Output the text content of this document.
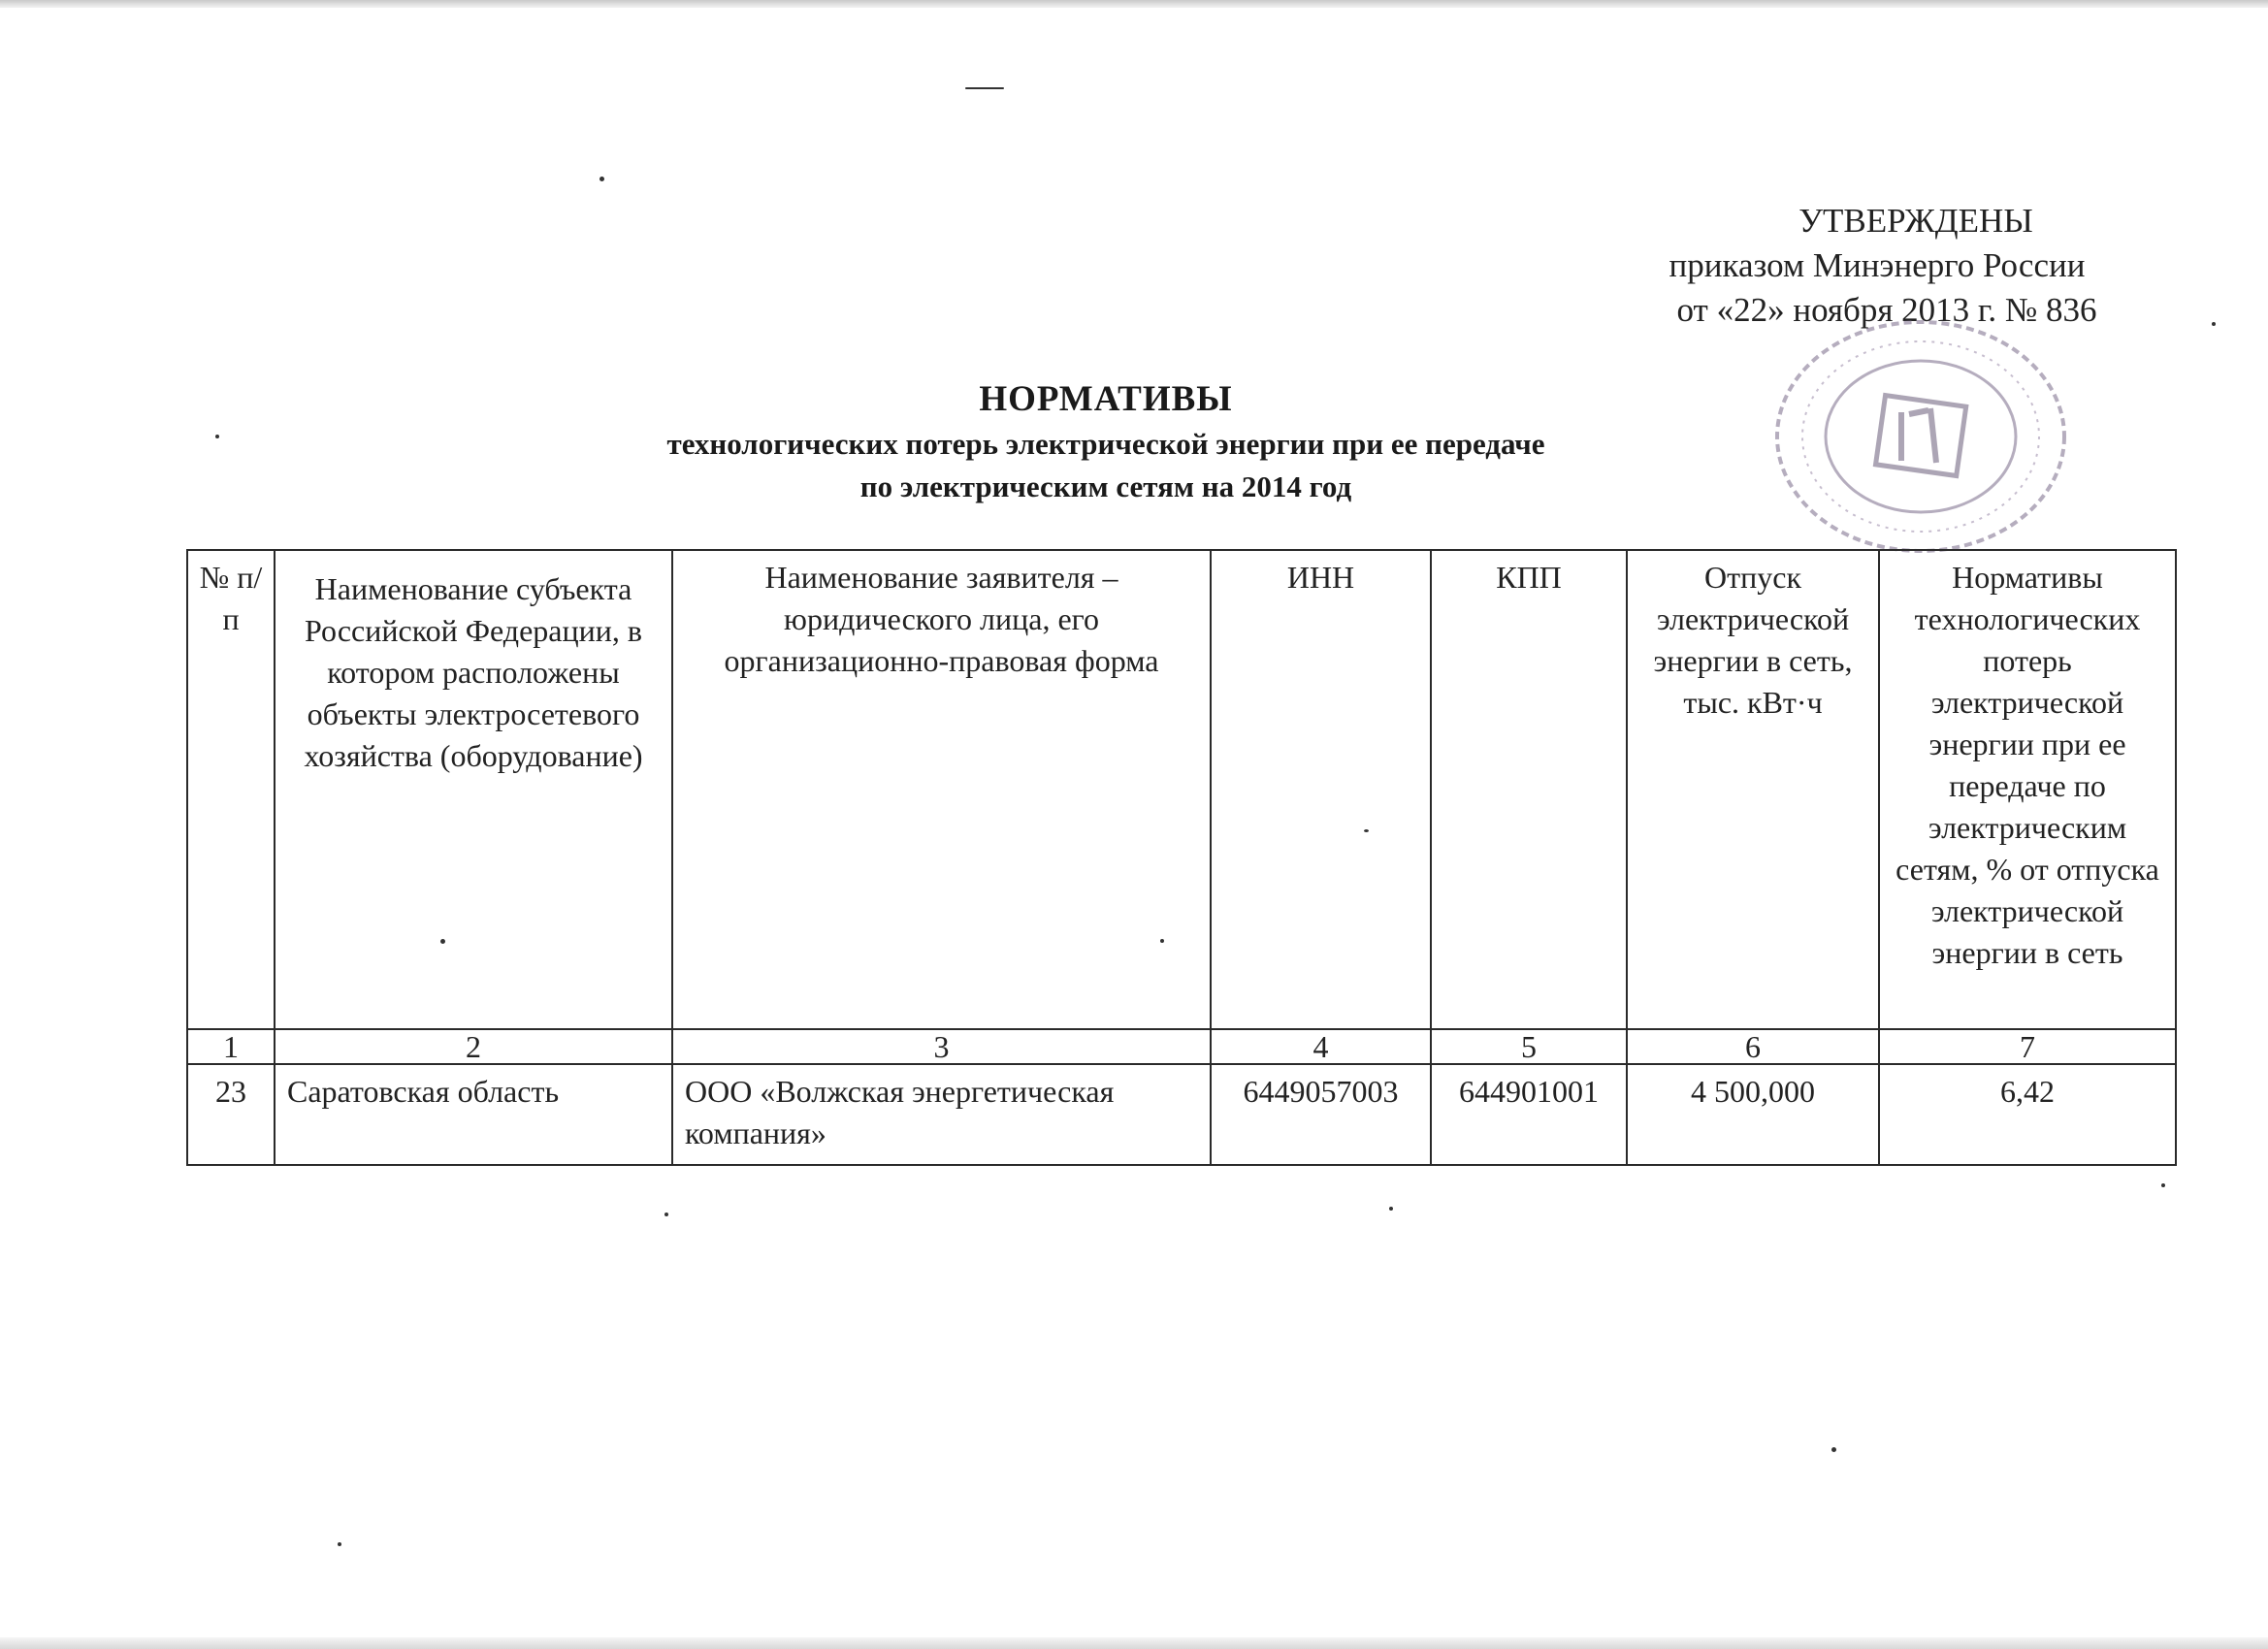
УТВЕРЖДЕНЫ
приказом Минэнерго России
от «22» ноября 2013 г. № 836
НОРМАТИВЫ
технологических потерь электрической энергии при ее передаче
по электрическим сетям на 2014 год
№ п/п	Наименование субъекта Российской Федерации, в котором расположены объекты электросетевого хозяйства (оборудование)	Наименование заявителя – юридического лица, его организационно-правовая форма	ИНН	КПП	Отпуск электрической энергии в сеть, тыс. кВт·ч	Нормативы технологических потерь электрической энергии при ее передаче по электрическим сетям, % от отпуска электрической энергии в сеть
1	2	3	4	5	6	7
23	Саратовская область	ООО «Волжская энергетическая компания»	6449057003	644901001	4 500,000	6,42
